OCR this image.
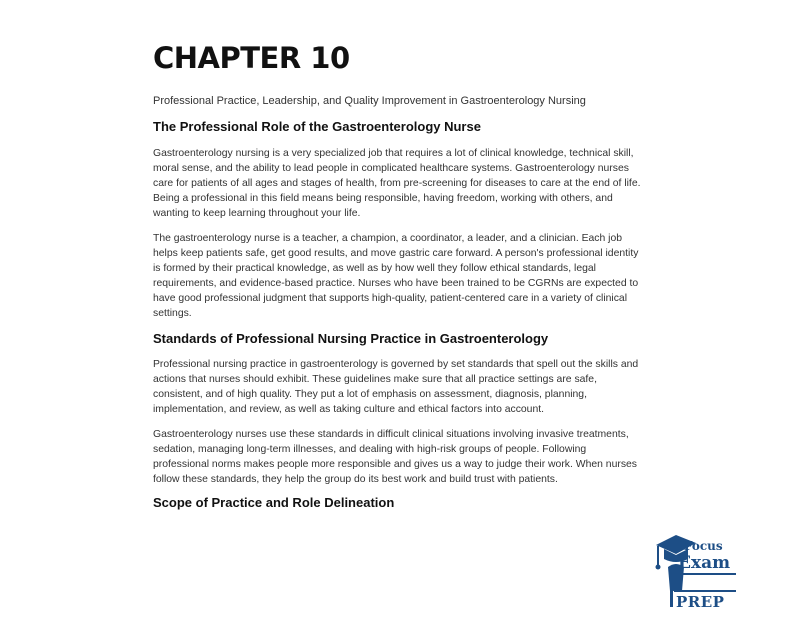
CHAPTER 10

Professional Practice, Leadership, and Quality Improvement in Gastroenterology Nursing

The Professional Role of the Gastroenterology Nurse

Gastroenterology nursing is a very specialized job that requires a lot of clinical knowledge, technical skill, moral sense, and the ability to lead people in complicated healthcare systems. Gastroenterology nurses care for patients of all ages and stages of health, from pre-screening for diseases to care at the end of life. Being a professional in this field means being responsible, having freedom, working with others, and wanting to keep learning throughout your life.

The gastroenterology nurse is a teacher, a champion, a coordinator, a leader, and a clinician. Each job helps keep patients safe, get good results, and move gastric care forward. A person's professional identity is formed by their practical knowledge, as well as by how well they follow ethical standards, legal requirements, and evidence-based practice. Nurses who have been trained to be CGRNs are expected to have good professional judgment that supports high-quality, patient-centered care in a variety of clinical settings.

Standards of Professional Nursing Practice in Gastroenterology

Professional nursing practice in gastroenterology is governed by set standards that spell out the skills and actions that nurses should exhibit. These guidelines make sure that all practice settings are safe, consistent, and of high quality. They put a lot of emphasis on assessment, diagnosis, planning, implementation, and review, as well as taking culture and ethical factors into account.

Gastroenterology nurses use these standards in difficult clinical situations involving invasive treatments, sedation, managing long-term illnesses, and dealing with high-risk groups of people. Following professional norms makes people more responsible and gives us a way to judge their work. When nurses follow these standards, they help the group do its best work and build trust with patients.

Scope of Practice and Role Delineation
Focus
Exam
PREP
